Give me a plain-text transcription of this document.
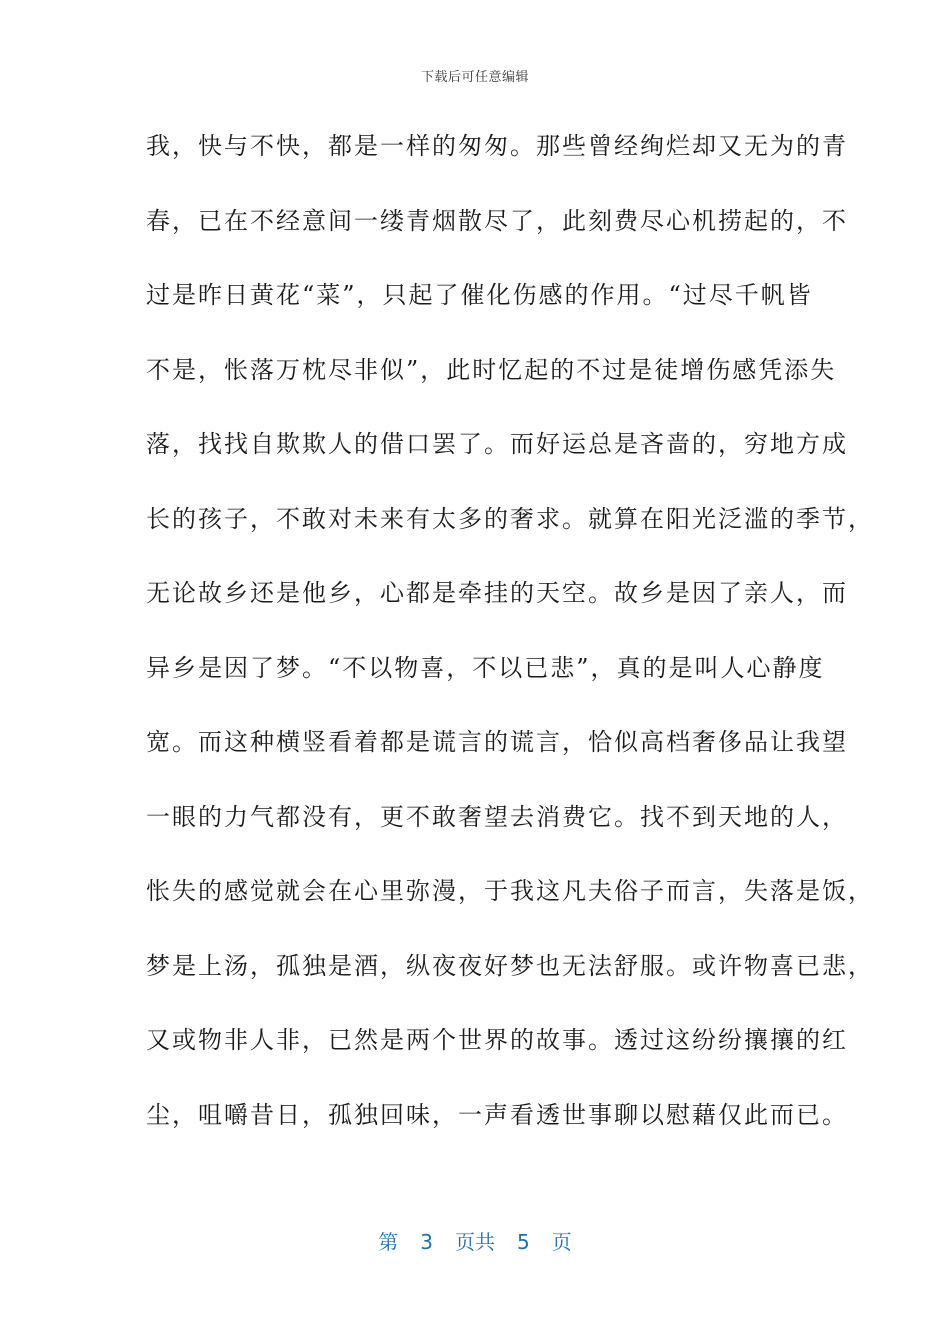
下载后可任意编辑
我，快与不快，都是一样的匆匆。那些曾经绚烂却又无为的青
春，已在不经意间一缕青烟散尽了，此刻费尽心机捞起的，不
过是昨日黄花“菜”，只起了催化伤感的作用。“过尽千帆皆
不是，怅落万枕尽非似”，此时忆起的不过是徒增伤感凭添失
落，找找自欺欺人的借口罢了。而好运总是吝啬的，穷地方成
长的孩子，不敢对未来有太多的奢求。就算在阳光泛滥的季节，
无论故乡还是他乡，心都是牵挂的天空。故乡是因了亲人，而
异乡是因了梦。“不以物喜，不以已悲”，真的是叫人心静度
宽。而这种横竖看着都是谎言的谎言，恰似高档奢侈品让我望
一眼的力气都没有，更不敢奢望去消费它。找不到天地的人，
怅失的感觉就会在心里弥漫，于我这凡夫俗子而言，失落是饭，
梦是上汤，孤独是酒，纵夜夜好梦也无法舒服。或许物喜已悲，
又或物非人非，已然是两个世界的故事。透过这纷纷攘攘的红
尘，咀嚼昔日，孤独回味，一声看透世事聊以慰藉仅此而已。
第 3 页共 5 页
